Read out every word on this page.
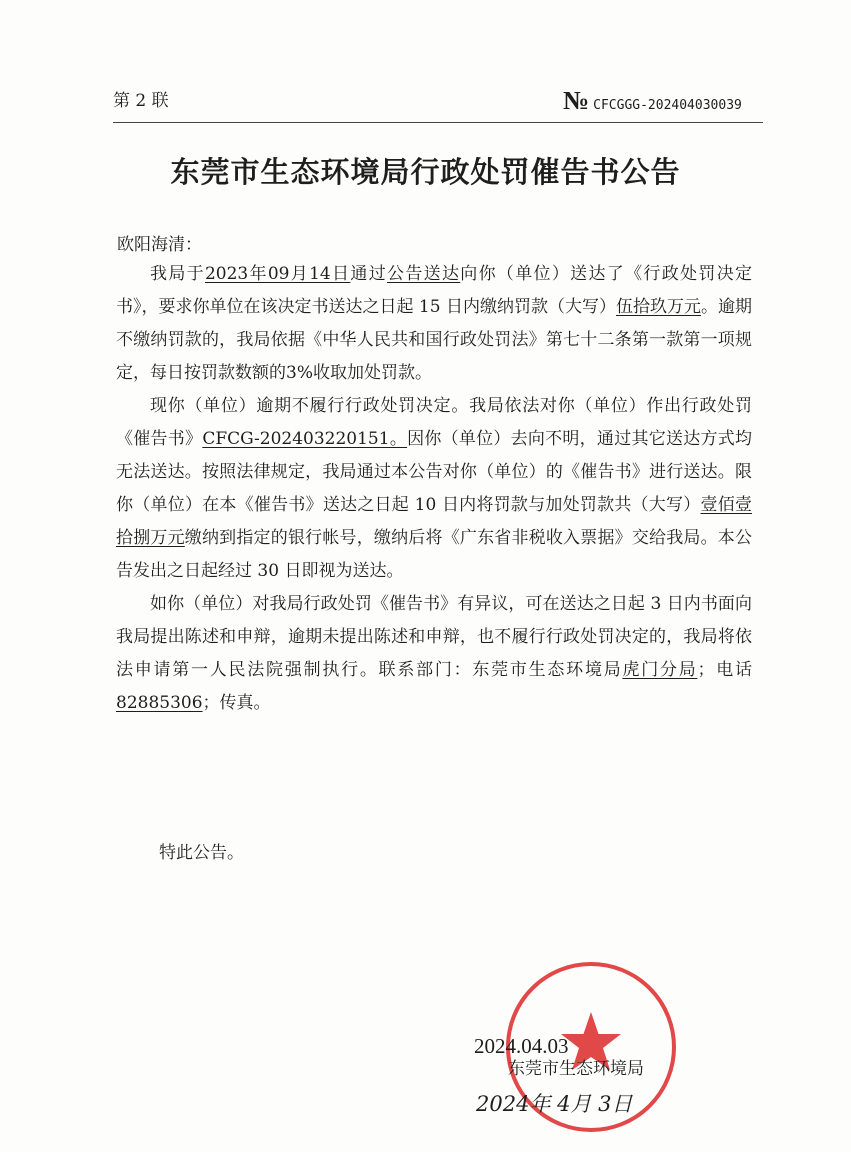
第 2 联	№ CFCGGG-202404030039
东莞市生态环境局行政处罚催告书公告
欧阳海清：

我局于2023年09月14日通过公告送达向你（单位）送达了《行政处罚决定书》，要求你单位在该决定书送达之日起 15 日内缴纳罚款（大写）伍拾玖万元。逾期不缴纳罚款的，我局依据《中华人民共和国行政处罚法》第七十二条第一款第一项规定，每日按罚款数额的3%收取加处罚款。

现你（单位）逾期不履行行政处罚决定。我局依法对你（单位）作出行政处罚《催告书》CFCG-202403220151。因你（单位）去向不明，通过其它送达方式均无法送达。按照法律规定，我局通过本公告对你（单位）的《催告书》进行送达。限你（单位）在本《催告书》送达之日起 10 日内将罚款与加处罚款共（大写）壹佰壹拾捌万元缴纳到指定的银行帐号，缴纳后将《广东省非税收入票据》交给我局。本公告发出之日起经过 30 日即视为送达。

如你（单位）对我局行政处罚《催告书》有异议，可在送达之日起 3 日内书面向我局提出陈述和申辩，逾期未提出陈述和申辩，也不履行行政处罚决定的，我局将依法申请第一人民法院强制执行。联系部门：东莞市生态环境局虎门分局；电话82885306；传真。

特此公告。
2024.04.03
东莞市生态环境局
2024年 4月 3日
